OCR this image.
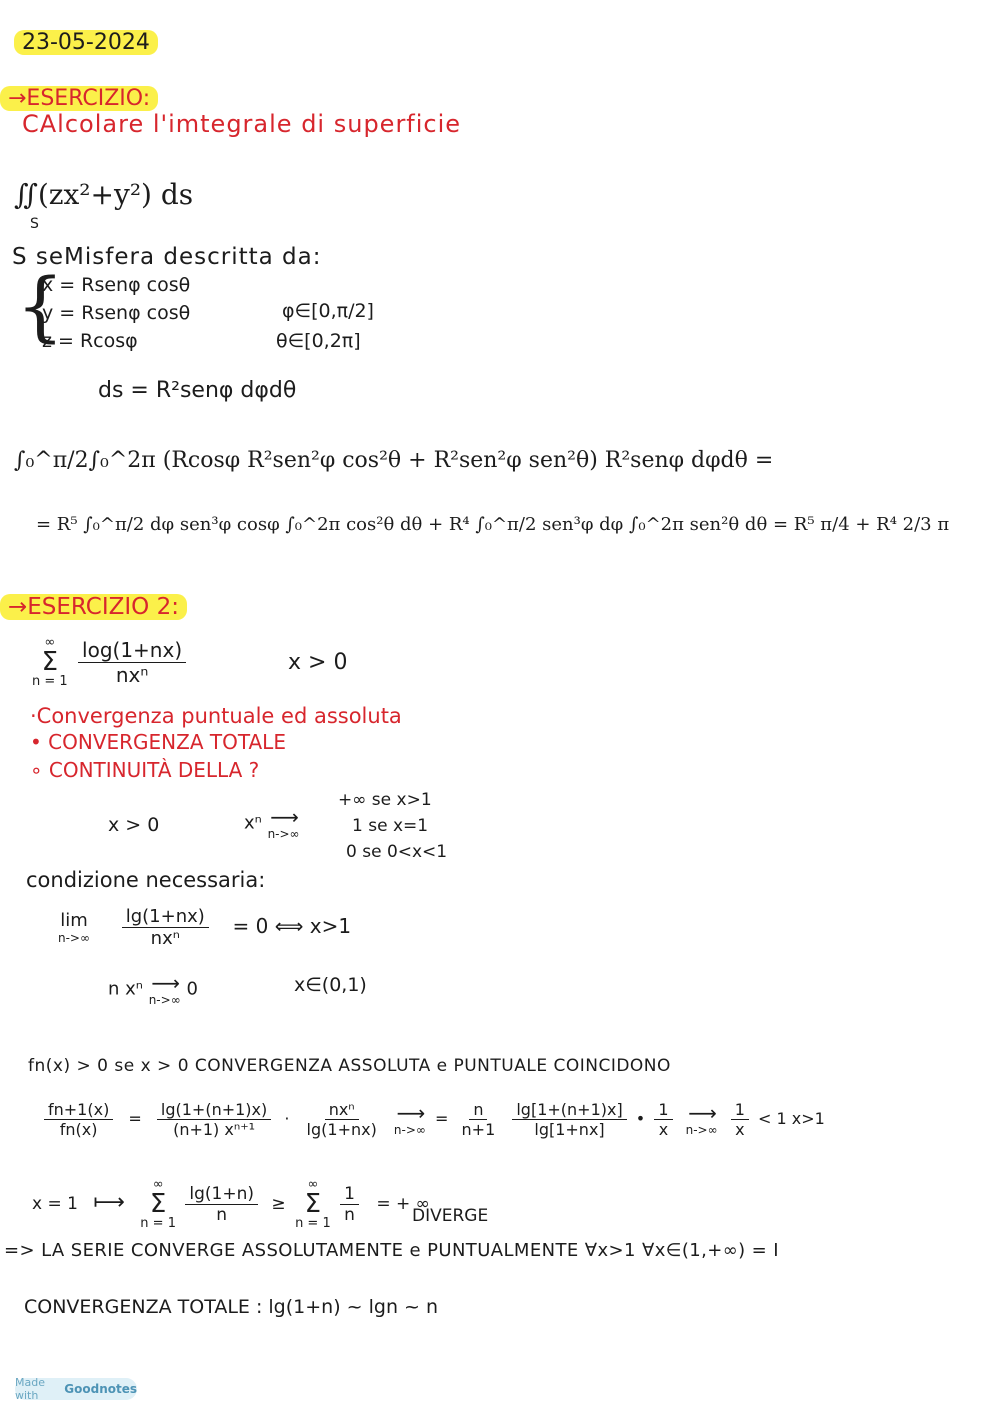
23-05-2024
→ESERCIZIO:
CAlcolare l'imtegrale di superficie
∬(zx²+y²) ds
S
S seMisfera descritta da:
{
x = Rsenφ cosθ
y = Rsenφ cosθ
z = Rcosφ
φ∈[0,π/2]
θ∈[0,2π]
ds = R²senφ dφdθ
∫₀^π/2∫₀^2π (Rcosφ R²sen²φ cos²θ + R²sen²φ sen²θ) R²senφ dφdθ =
= R⁵ ∫₀^π/2 dφ sen³φ cosφ ∫₀^2π cos²θ dθ + R⁴ ∫₀^π/2 sen³φ dφ ∫₀^2π sen²θ dθ = R⁵ π/4 + R⁴ 2/3 π
→ESERCIZIO 2:
∞
Σ
n = 1
$\frac{\log(1+nx)}{\text{nxⁿ}}$	x > 0
·Convergenza puntuale ed assoluta
• CONVERGENZA TOTALE
∘ CONTINUITÀ DELLA ?
x > 0	xⁿ ⟶
n->∞
+∞ se x>1
1 se x=1
0 se 0<x<1
condizione necessaria:
lim
n->∞
$\frac{\lg(1+nx)}{\text{nxⁿ}} = 0$ ⟺ x>1
n xⁿ ⟶
n->∞
0	x∈(0,1)
fn(x) > 0 se x > 0 CONVERGENZA ASSOLUTA e PUNTUALE COINCIDONO
$\frac{fn+1(x)}{fn(x)} = \frac{\lg(1+(n+1)x)}{\text{(n+1) xⁿ⁺¹}} \cdot \frac{\text{nxⁿ}}{\lg(1+nx)}$
⟶
n->∞
= $\frac{n}{n+1}$
$\frac{\lg[1+(n+1)x]}{\lg[1+nx]}$ • $\frac{1}{x}$
⟶
n->∞
$\frac{1}{x} < 1$ x>1
x = 1 ⟼
∞
Σ
n = 1
$\frac{\lg(1+n)}{n}$ ≥
∞
Σ
n = 1
$\frac{1}{n}$ = + ∞
DIVERGE
=> LA SERIE CONVERGE ASSOLUTAMENTE e PUNTUALMENTE ∀x>1 ∀x∈(1,+∞) = I
CONVERGENZA TOTALE : lg(1+n) ~ lgn ~ n
Made with	Goodnotes
